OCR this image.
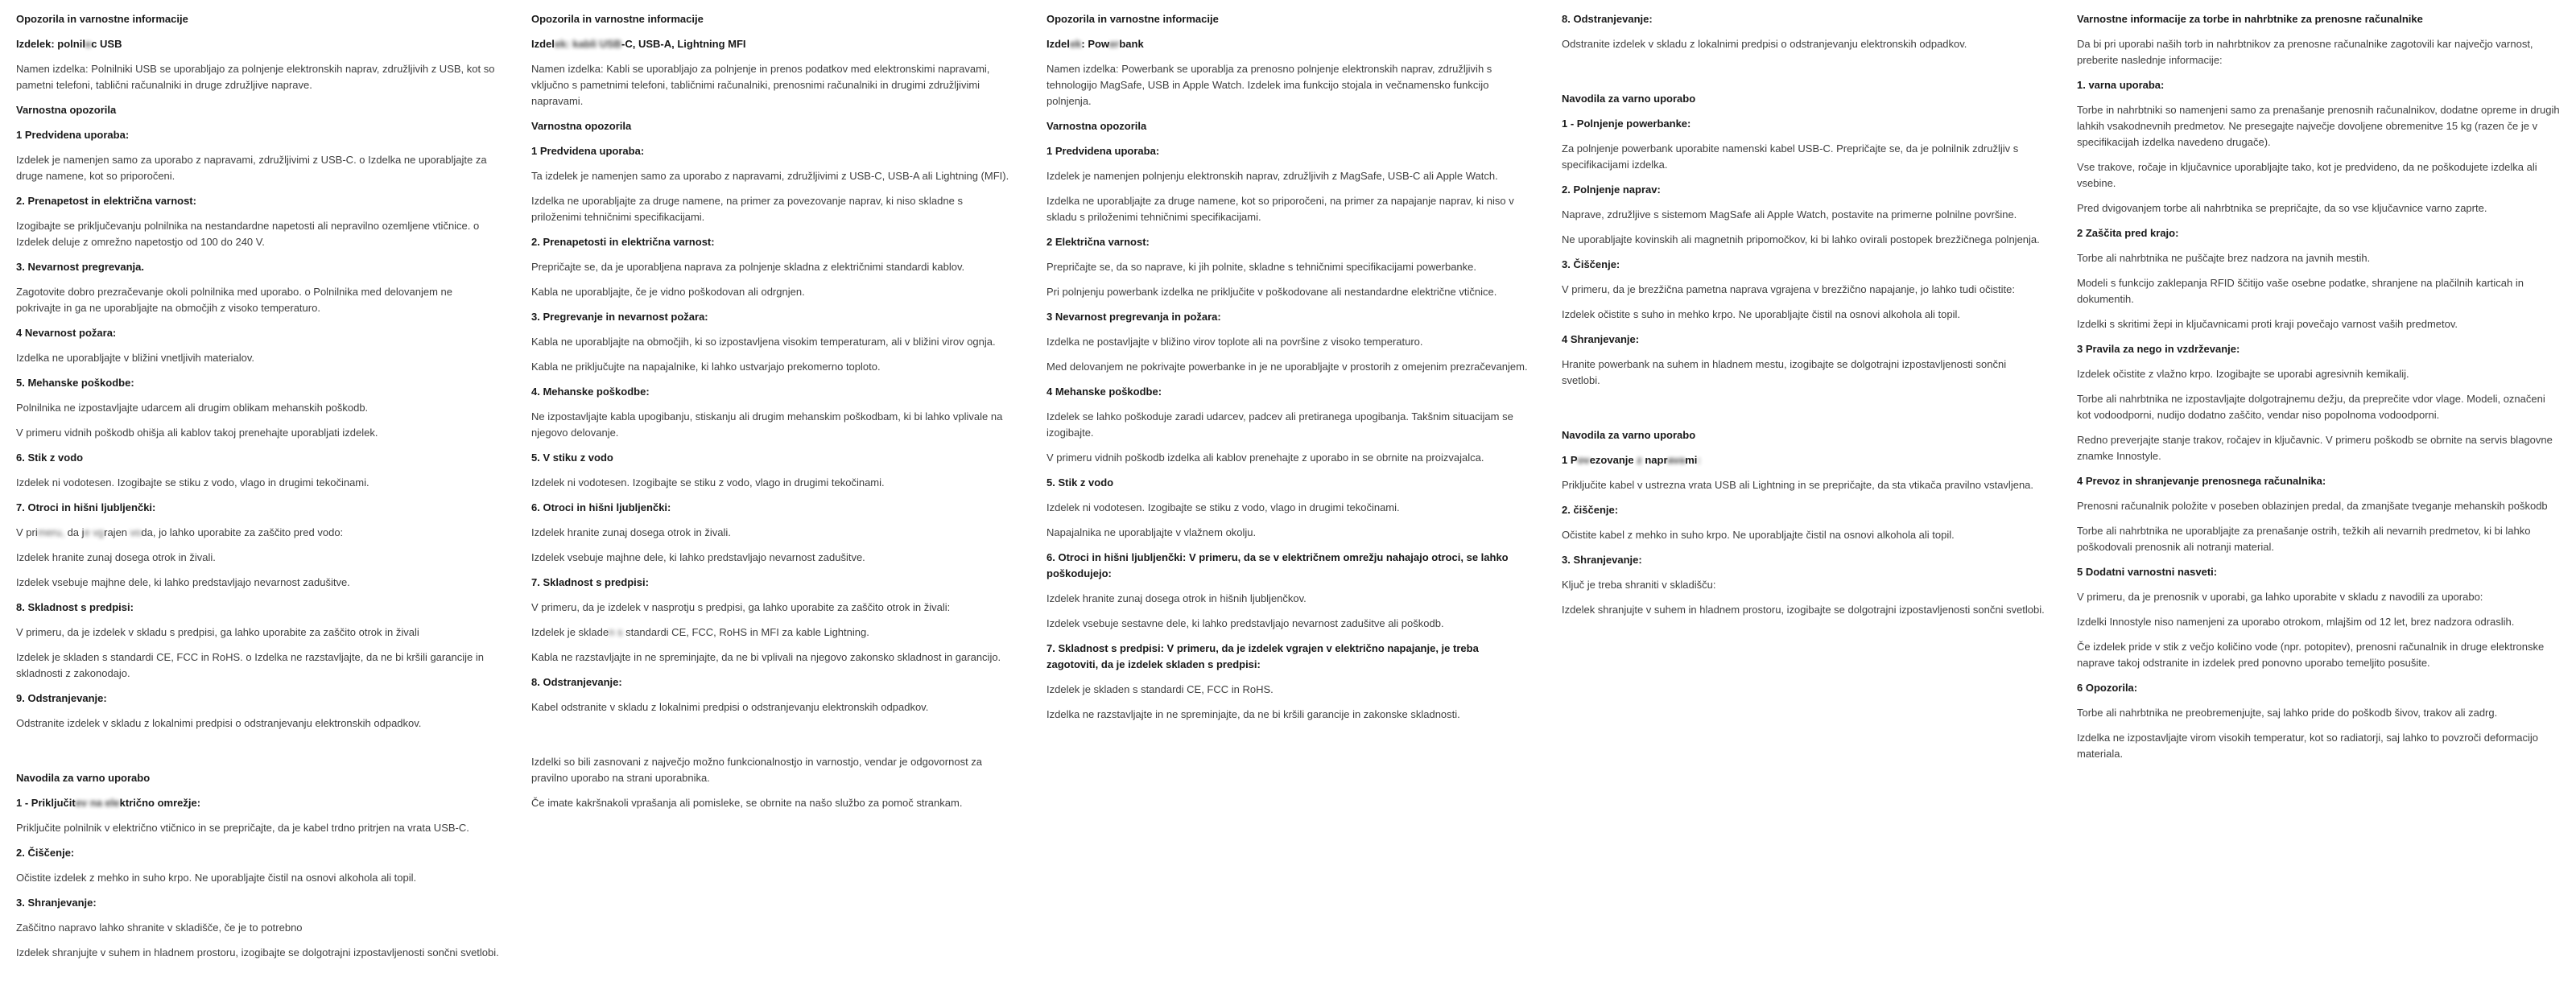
Opozorila in varnostne informacije
Izdelek: polnilec USB
Namen izdelka: Polnilniki USB se uporabljajo za polnjenje elektronskih naprav, združljivih z USB, kot so pametni telefoni, tablični računalniki in druge združljive naprave.
Varnostna opozorila
1 Predvidena uporaba:
Izdelek je namenjen samo za uporabo z napravami, združljivimi z USB-C. o Izdelka ne uporabljajte za druge namene, kot so priporočeni.
2. Prenapetost in električna varnost:
Izogibajte se priključevanju polnilnika na nestandardne napetosti ali nepravilno ozemljene vtičnice. o Izdelek deluje z omrežno napetostjo od 100 do 240 V.
3. Nevarnost pregrevanja.
Zagotovite dobro prezračevanje okoli polnilnika med uporabo. o Polnilnika med delovanjem ne pokrivajte in ga ne uporabljajte na območjih z visoko temperaturo.
4 Nevarnost požara:
Izdelka ne uporabljajte v bližini vnetljivih materialov.
5. Mehanske poškodbe:
Polnilnika ne izpostavljajte udarcem ali drugim oblikam mehanskih poškodb.
V primeru vidnih poškodb ohišja ali kablov takoj prenehajte uporabljati izdelek.
6. Stik z vodo
Izdelek ni vodotesen. Izogibajte se stiku z vodo, vlago in drugimi tekočinami.
7. Otroci in hišni ljubljenčki:
V primeru, da je vgrajen voda, jo lahko uporabite za zaščito pred vodo:
Izdelek hranite zunaj dosega otrok in živali.
Izdelek vsebuje majhne dele, ki lahko predstavljajo nevarnost zadušitve.
8. Skladnost s predpisi:
V primeru, da je izdelek v skladu s predpisi, ga lahko uporabite za zaščito otrok in živali
Izdelek je skladen s standardi CE, FCC in RoHS. o Izdelka ne razstavljajte, da ne bi kršili garancije in skladnosti z zakonodajo.
9. Odstranjevanje:
Odstranite izdelek v skladu z lokalnimi predpisi o odstranjevanju elektronskih odpadkov.
Navodila za varno uporabo
1 - Priključitev na električno omrežje:
Priključite polnilnik v električno vtičnico in se prepričajte, da je kabel trdno pritrjen na vrata USB-C.
2. Čiščenje:
Očistite izdelek z mehko in suho krpo. Ne uporabljajte čistil na osnovi alkohola ali topil.
3. Shranjevanje:
Zaščitno napravo lahko shranite v skladišče, če je to potrebno
Izdelek shranjujte v suhem in hladnem prostoru, izogibajte se dolgotrajni izpostavljenosti sončni svetlobi.
Opozorila in varnostne informacije
Izdelek: kabli USB-C, USB-A, Lightning MFI
Namen izdelka: Kabli se uporabljajo za polnjenje in prenos podatkov med elektronskimi napravami, vključno s pametnimi telefoni, tabličnimi računalniki, prenosnimi računalniki in drugimi združljivimi napravami.
Varnostna opozorila
1 Predvidena uporaba:
Ta izdelek je namenjen samo za uporabo z napravami, združljivimi z USB-C, USB-A ali Lightning (MFI).
Izdelka ne uporabljajte za druge namene, na primer za povezovanje naprav, ki niso skladne s priloženimi tehničnimi specifikacijami.
2. Prenapetosti in električna varnost:
Prepričajte se, da je uporabljena naprava za polnjenje skladna z električnimi standardi kablov.
Kabla ne uporabljajte, če je vidno poškodovan ali odrgnjen.
3. Pregrevanje in nevarnost požara:
Kabla ne uporabljajte na območjih, ki so izpostavljena visokim temperaturam, ali v bližini virov ognja.
Kabla ne priključujte na napajalnike, ki lahko ustvarjajo prekomerno toploto.
4. Mehanske poškodbe:
Ne izpostavljajte kabla upogibanju, stiskanju ali drugim mehanskim poškodbam, ki bi lahko vplivale na njegovo delovanje.
5. V stiku z vodo
Izdelek ni vodotesen. Izogibajte se stiku z vodo, vlago in drugimi tekočinami.
6. Otroci in hišni ljubljenčki:
Izdelek hranite zunaj dosega otrok in živali.
Izdelek vsebuje majhne dele, ki lahko predstavljajo nevarnost zadušitve.
7. Skladnost s predpisi:
V primeru, da je izdelek v nasprotju s predpisi, ga lahko uporabite za zaščito otrok in živali:
Izdelek je skladen s standardi CE, FCC, RoHS in MFI za kable Lightning.
Kabla ne razstavljajte in ne spreminjajte, da ne bi vplivali na njegovo zakonsko skladnost in garancijo.
8. Odstranjevanje:
Kabel odstranite v skladu z lokalnimi predpisi o odstranjevanju elektronskih odpadkov.
Izdelki so bili zasnovani z največjo možno funkcionalnostjo in varnostjo, vendar je odgovornost za pravilno uporabo na strani uporabnika.
Če imate kakršnakoli vprašanja ali pomisleke, se obrnite na našo službo za pomoč strankam.
Opozorila in varnostne informacije
Izdelek: Powerbank
Namen izdelka: Powerbank se uporablja za prenosno polnjenje elektronskih naprav, združljivih s tehnologijo MagSafe, USB in Apple Watch. Izdelek ima funkcijo stojala in večnamensko funkcijo polnjenja.
Varnostna opozorila
1 Predvidena uporaba:
Izdelek je namenjen polnjenju elektronskih naprav, združljivih z MagSafe, USB-C ali Apple Watch.
Izdelka ne uporabljajte za druge namene, kot so priporočeni, na primer za napajanje naprav, ki niso v skladu s priloženimi tehničnimi specifikacijami.
2 Električna varnost:
Prepričajte se, da so naprave, ki jih polnite, skladne s tehničnimi specifikacijami powerbanke.
Pri polnjenju powerbank izdelka ne priključite v poškodovane ali nestandardne električne vtičnice.
3 Nevarnost pregrevanja in požara:
Izdelka ne postavljajte v bližino virov toplote ali na površine z visoko temperaturo.
Med delovanjem ne pokrivajte powerbanke in je ne uporabljajte v prostorih z omejenim prezračevanjem.
4 Mehanske poškodbe:
Izdelek se lahko poškoduje zaradi udarcev, padcev ali pretiranega upogibanja. Takšnim situacijam se izogibajte.
V primeru vidnih poškodb izdelka ali kablov prenehajte z uporabo in se obrnite na proizvajalca.
5. Stik z vodo
Izdelek ni vodotesen. Izogibajte se stiku z vodo, vlago in drugimi tekočinami.
Napajalnika ne uporabljajte v vlažnem okolju.
6. Otroci in hišni ljubljenčki: V primeru, da se v električnem omrežju nahajajo otroci, se lahko poškodujejo:
Izdelek hranite zunaj dosega otrok in hišnih ljubljenčkov.
Izdelek vsebuje sestavne dele, ki lahko predstavljajo nevarnost zadušitve ali poškodb.
7. Skladnost s predpisi: V primeru, da je izdelek vgrajen v električno napajanje, je treba zagotoviti, da je izdelek skladen s predpisi:
Izdelek je skladen s standardi CE, FCC in RoHS.
Izdelka ne razstavljajte in ne spreminjajte, da ne bi kršili garancije in zakonske skladnosti.
8. Odstranjevanje:
Odstranite izdelek v skladu z lokalnimi predpisi o odstranjevanju elektronskih odpadkov.
Navodila za varno uporabo
1 - Polnjenje powerbanke:
Za polnjenje powerbank uporabite namenski kabel USB-C. Prepričajte se, da je polnilnik združljiv s specifikacijami izdelka.
2. Polnjenje naprav:
Naprave, združljive s sistemom MagSafe ali Apple Watch, postavite na primerne polnilne površine.
Ne uporabljajte kovinskih ali magnetnih pripomočkov, ki bi lahko ovirali postopek brezžičnega polnjenja.
3. Čiščenje:
V primeru, da je brezžična pametna naprava vgrajena v brezžično napajanje, jo lahko tudi očistite:
Izdelek očistite s suho in mehko krpo. Ne uporabljajte čistil na osnovi alkohola ali topil.
4 Shranjevanje:
Hranite powerbank na suhem in hladnem mestu, izogibajte se dolgotrajni izpostavljenosti sončni svetlobi.
Navodila za varno uporabo
1 Povezovanje z napravami:
Priključite kabel v ustrezna vrata USB ali Lightning in se prepričajte, da sta vtikača pravilno vstavljena.
2. čiščenje:
Očistite kabel z mehko in suho krpo. Ne uporabljajte čistil na osnovi alkohola ali topil.
3. Shranjevanje:
Ključ je treba shraniti v skladišču:
Izdelek shranjujte v suhem in hladnem prostoru, izogibajte se dolgotrajni izpostavljenosti sončni svetlobi.
Varnostne informacije za torbe in nahrbtnike za prenosne računalnike
Da bi pri uporabi naših torb in nahrbtnikov za prenosne računalnike zagotovili kar največjo varnost, preberite naslednje informacije:
1. varna uporaba:
Torbe in nahrbtniki so namenjeni samo za prenašanje prenosnih računalnikov, dodatne opreme in drugih lahkih vsakodnevnih predmetov. Ne presegajte največje dovoljene obremenitve 15 kg (razen če je v specifikacijah izdelka navedeno drugače).
Vse trakove, ročaje in ključavnice uporabljajte tako, kot je predvideno, da ne poškodujete izdelka ali vsebine.
Pred dvigovanjem torbe ali nahrbtnika se prepričajte, da so vse ključavnice varno zaprte.
2 Zaščita pred krajo:
Torbe ali nahrbtnika ne puščajte brez nadzora na javnih mestih.
Modeli s funkcijo zaklepanja RFID ščitijo vaše osebne podatke, shranjene na plačilnih karticah in dokumentih.
Izdelki s skritimi žepi in ključavnicami proti kraji povečajo varnost vaših predmetov.
3 Pravila za nego in vzdrževanje:
Izdelek očistite z vlažno krpo. Izogibajte se uporabi agresivnih kemikalij.
Torbe ali nahrbtnika ne izpostavljajte dolgotrajnemu dežju, da preprečite vdor vlage. Modeli, označeni kot vodoodporni, nudijo dodatno zaščito, vendar niso popolnoma vodoodporni.
Redno preverjajte stanje trakov, ročajev in ključavnic. V primeru poškodb se obrnite na servis blagovne znamke Innostyle.
4 Prevoz in shranjevanje prenosnega računalnika:
Prenosni računalnik položite v poseben oblazinjen predal, da zmanjšate tveganje mehanskih poškodb
Torbe ali nahrbtnika ne uporabljajte za prenašanje ostrih, težkih ali nevarnih predmetov, ki bi lahko poškodovali prenosnik ali notranji material.
5 Dodatni varnostni nasveti:
V primeru, da je prenosnik v uporabi, ga lahko uporabite v skladu z navodili za uporabo:
Izdelki Innostyle niso namenjeni za uporabo otrokom, mlajšim od 12 let, brez nadzora odraslih.
Če izdelek pride v stik z večjo količino vode (npr. potopitev), prenosni računalnik in druge elektronske naprave takoj odstranite in izdelek pred ponovno uporabo temeljito posušite.
6 Opozorila:
Torbe ali nahrbtnika ne preobremenjujte, saj lahko pride do poškodb šivov, trakov ali zadrg.
Izdelka ne izpostavljajte virom visokih temperatur, kot so radiatorji, saj lahko to povzroči deformacijo materiala.
